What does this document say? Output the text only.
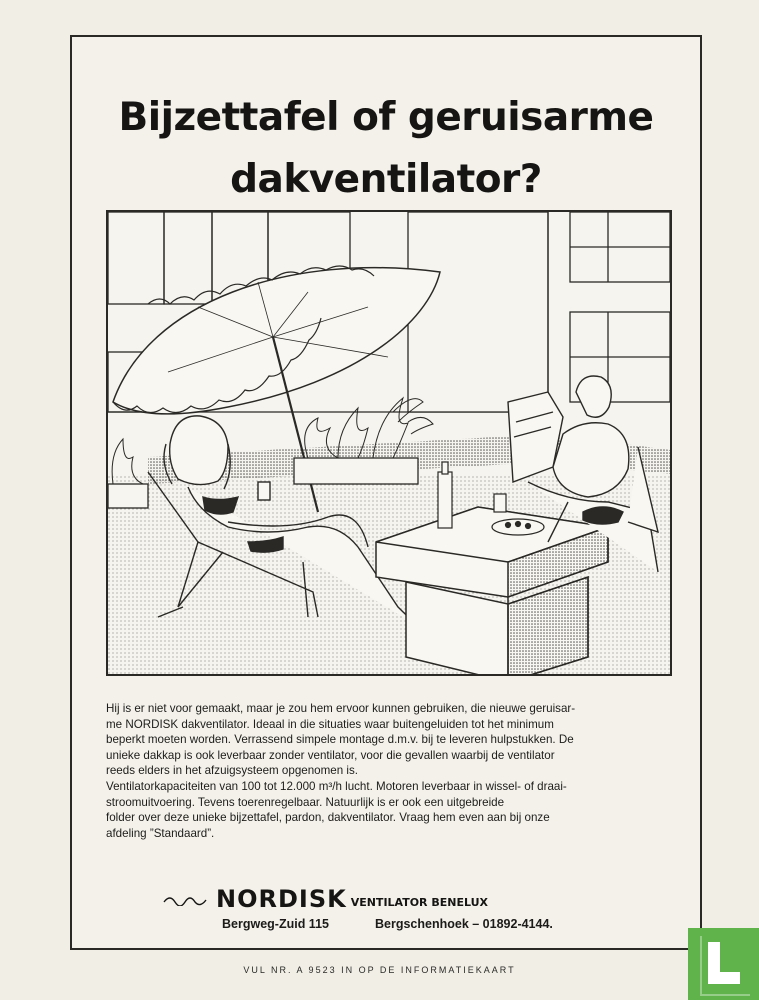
Bijzettafel of geruisarme
dakventilator?

Hij is er niet voor gemaakt, maar je zou hem ervoor kunnen gebruiken, die nieuwe geruisar-

me NORDISK dakventilator. Ideaal in die situaties waar buitengeluiden tot het minimum

beperkt moeten worden. Verrassend simpele montage d.m.v. bij te leveren hulpstukken. De

unieke dakkap is ook leverbaar zonder ventilator, voor die gevallen waarbij de ventilator

reeds elders in het afzuigsysteem opgenomen is.

Ventilatorkapaciteiten van 100 tot 12.000 m³/h lucht. Motoren leverbaar in wissel- of draai-

stroomuitvoering. Tevens toerenregelbaar. Natuurlijk is er ook een uitgebreide

folder over deze unieke bijzettafel, pardon, dakventilator. Vraag hem even aan bij onze

afdeling ”Standaard”.

NORDISK VENTILATOR BENELUX
Bergweg-Zuid 115	Bergschenhoek – 01892-4144.
VUL NR. A 9523 IN OP DE INFORMATIEKAART
